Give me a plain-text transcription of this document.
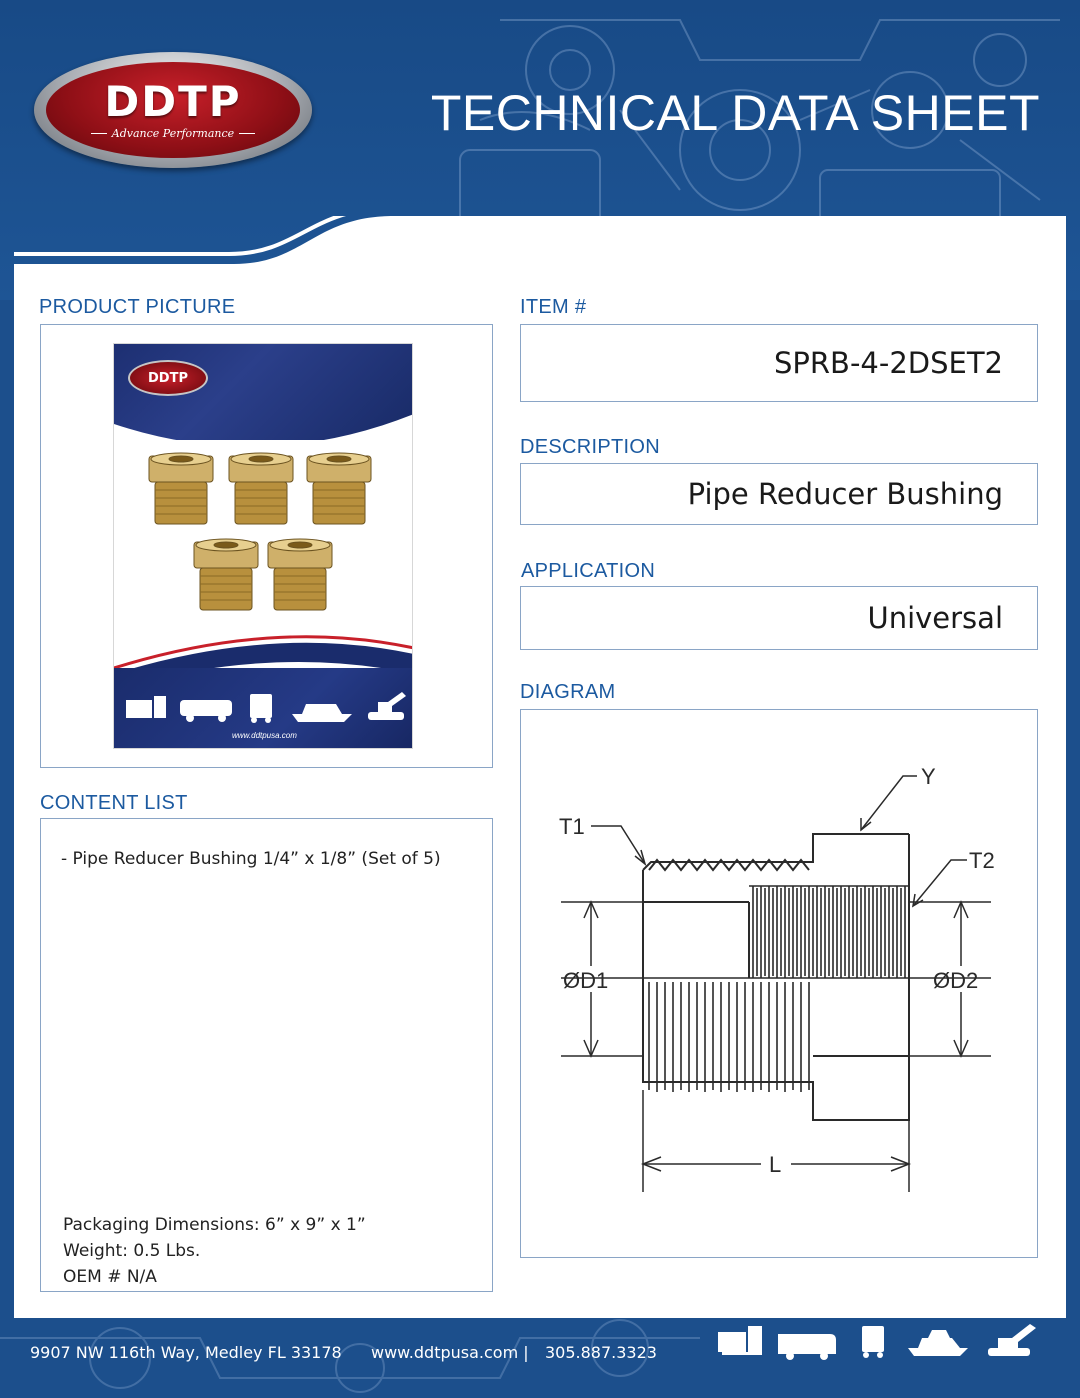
DDTP
Advance Performance	TECHNICAL DATA SHEET
PRODUCT PICTURE	ITEM #
DESCRIPTION
APPLICATION
DIAGRAM
CONTENT LIST
DDTP
www.ddtpusa.com
SPRB-4-2DSET2
Pipe Reducer Bushing
Universal
Y
T1
T2
ØD1	ØD2
L
- Pipe Reducer Bushing 1/4” x 1/8” (Set of 5)
Packaging Dimensions: 6” x 9” x 1”
Weight: 0.5 Lbs.
OEM # N/A
9907 NW 116th Way, Medley FL 33178 www.ddtpusa.com | 305.887.3323
